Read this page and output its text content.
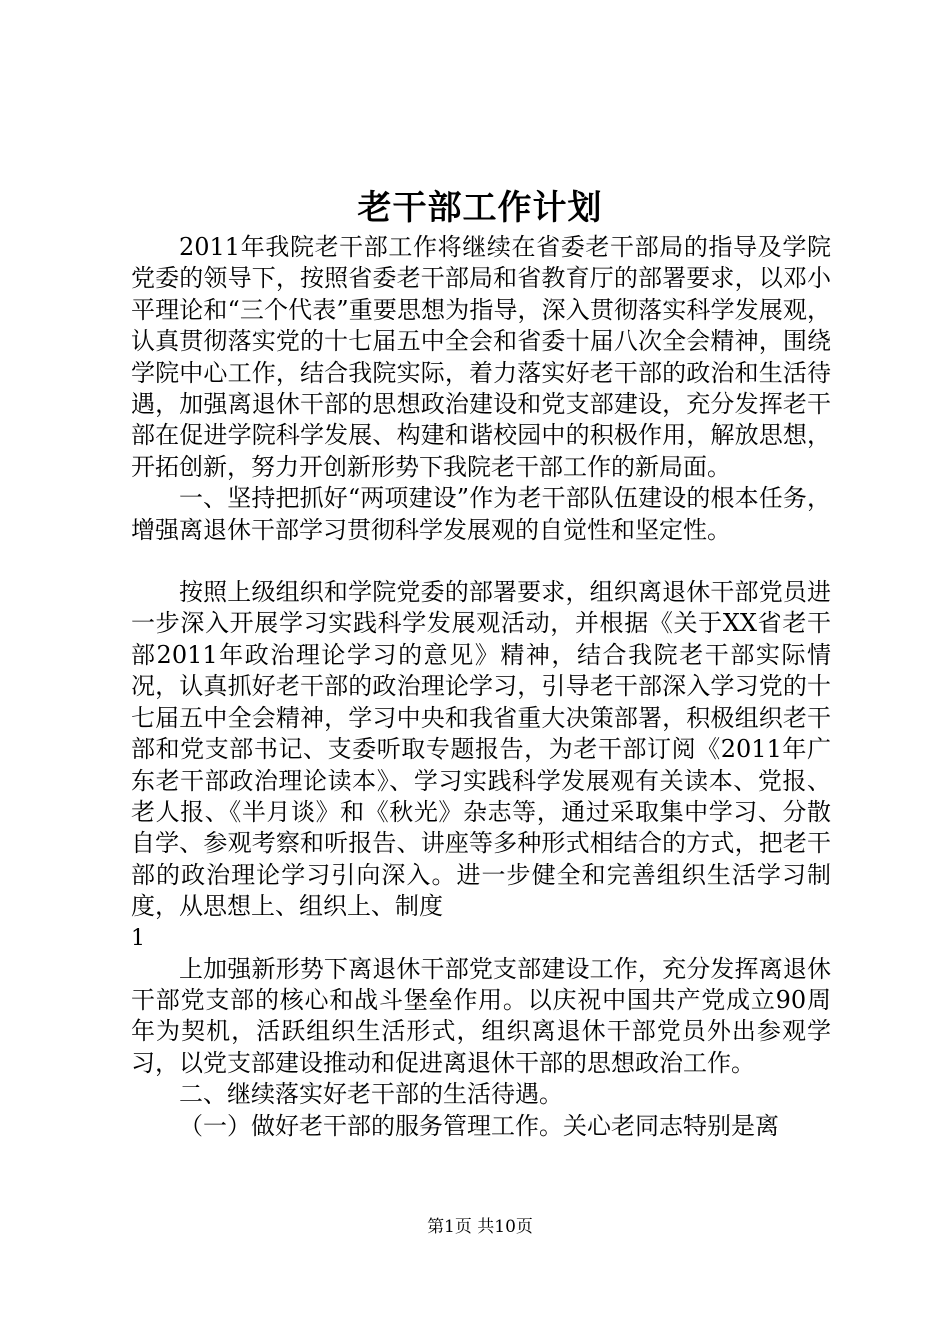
老干部工作计划

2011年我院老干部工作将继续在省委老干部局的指导及学院党委的领导下，按照省委老干部局和省教育厅的部署要求，以邓小平理论和“三个代表”重要思想为指导，深入贯彻落实科学发展观，认真贯彻落实党的十七届五中全会和省委十届八次全会精神，围绕学院中心工作，结合我院实际，着力落实好老干部的政治和生活待遇，加强离退休干部的思想政治建设和党支部建设，充分发挥老干部在促进学院科学发展、构建和谐校园中的积极作用，解放思想，开拓创新，努力开创新形势下我院老干部工作的新局面。

一、坚持把抓好“两项建设”作为老干部队伍建设的根本任务，增强离退休干部学习贯彻科学发展观的自觉性和坚定性。

按照上级组织和学院党委的部署要求，组织离退休干部党员进一步深入开展学习实践科学发展观活动，并根据《关于XX省老干部2011年政治理论学习的意见》精神，结合我院老干部实际情况，认真抓好老干部的政治理论学习，引导老干部深入学习党的十七届五中全会精神，学习中央和我省重大决策部署，积极组织老干部和党支部书记、支委听取专题报告，为老干部订阅《2011年广东老干部政治理论读本》、学习实践科学发展观有关读本、党报、老人报、《半月谈》和《秋光》杂志等，通过采取集中学习、分散自学、参观考察和听报告、讲座等多种形式相结合的方式，把老干部的政治理论学习引向深入。进一步健全和完善组织生活学习制度，从思想上、组织上、制度

1

上加强新形势下离退休干部党支部建设工作，充分发挥离退休干部党支部的核心和战斗堡垒作用。以庆祝中国共产党成立90周年为契机，活跃组织生活形式，组织离退休干部党员外出参观学习，以党支部建设推动和促进离退休干部的思想政治工作。

二、继续落实好老干部的生活待遇。

（一）做好老干部的服务管理工作。关心老同志特别是离

第1页 共10页
